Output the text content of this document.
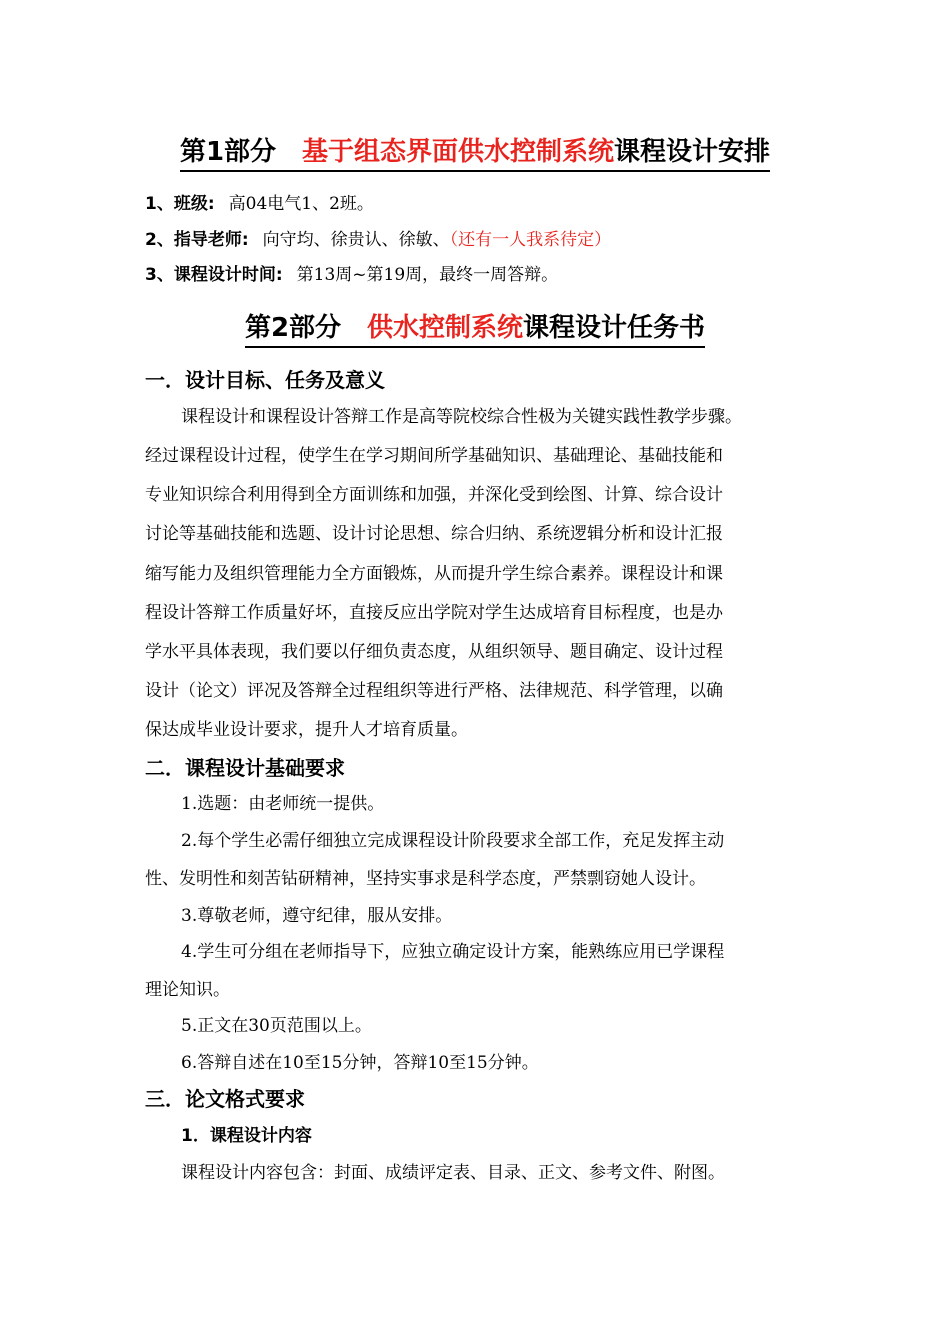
第1部分 基于组态界面供水控制系统课程设计安排
1、班级: 高04电气1、2班。
2、指导老师: 向守均、徐贵认、徐敏、（还有一人我系待定）
3、课程设计时间: 第13周~第19周，最终一周答辩。
第2部分 供水控制系统课程设计任务书
一．设计目标、任务及意义
课程设计和课程设计答辩工作是高等院校综合性极为关键实践性教学步骤。
经过课程设计过程，使学生在学习期间所学基础知识、基础理论、基础技能和
专业知识综合利用得到全方面训练和加强，并深化受到绘图、计算、综合设计
讨论等基础技能和选题、设计讨论思想、综合归纳、系统逻辑分析和设计汇报
缩写能力及组织管理能力全方面锻炼，从而提升学生综合素养。课程设计和课
程设计答辩工作质量好坏，直接反应出学院对学生达成培育目标程度，也是办
学水平具体表现，我们要以仔细负责态度，从组织领导、题目确定、设计过程
设计（论文）评况及答辩全过程组织等进行严格、法律规范、科学管理，以确
保达成毕业设计要求，提升人才培育质量。
二．课程设计基础要求
1.选题：由老师统一提供。
2.每个学生必需仔细独立完成课程设计阶段要求全部工作，充足发挥主动
性、发明性和刻苦钻研精神，坚持实事求是科学态度，严禁剽窃她人设计。
3.尊敬老师，遵守纪律，服从安排。
4.学生可分组在老师指导下，应独立确定设计方案，能熟练应用已学课程
理论知识。
5.正文在30页范围以上。
6.答辩自述在10至15分钟，答辩10至15分钟。
三．论文格式要求
1．课程设计内容
课程设计内容包含：封面、成绩评定表、目录、正文、参考文件、附图。
